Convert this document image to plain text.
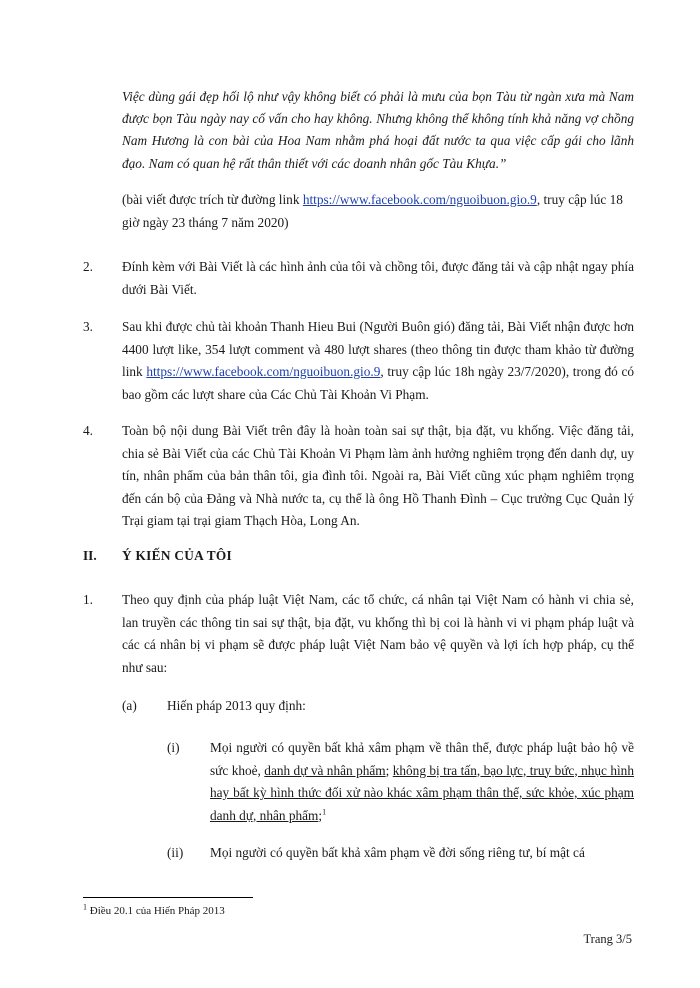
Việc dùng gái đẹp hối lộ như vậy không biết có phải là mưu của bọn Tàu từ ngàn xưa mà Nam được bọn Tàu ngày nay cố vấn cho hay không. Nhưng không thể không tính khả năng vợ chồng Nam Hương là con bài của Hoa Nam nhằm phá hoại đất nước ta qua việc cấp gái cho lãnh đạo. Nam có quan hệ rất thân thiết với các doanh nhân gốc Tàu Khựa.”
(bài viết được trích từ đường link https://www.facebook.com/nguoibuon.gio.9, truy cập lúc 18 giờ ngày 23 tháng 7 năm 2020)
2. Đính kèm với Bài Viết là các hình ảnh của tôi và chồng tôi, được đăng tải và cập nhật ngay phía dưới Bài Viết.
3. Sau khi được chủ tài khoản Thanh Hieu Bui (Người Buôn gió) đăng tải, Bài Viết nhận được hơn 4400 lượt like, 354 lượt comment và 480 lượt shares (theo thông tin được tham khảo từ đường link https://www.facebook.com/nguoibuon.gio.9, truy cập lúc 18h ngày 23/7/2020), trong đó có bao gồm các lượt share của Các Chủ Tài Khoản Vi Phạm.
4. Toàn bộ nội dung Bài Viết trên đây là hoàn toàn sai sự thật, bịa đặt, vu khống. Việc đăng tải, chia sẻ Bài Viết của các Chủ Tài Khoản Vi Phạm làm ảnh hưởng nghiêm trọng đến danh dự, uy tín, nhân phẩm của bản thân tôi, gia đình tôi. Ngoài ra, Bài Viết cũng xúc phạm nghiêm trọng đến cán bộ của Đảng và Nhà nước ta, cụ thể là ông Hồ Thanh Đình – Cục trưởng Cục Quản lý Trại giam tại trại giam Thạch Hòa, Long An.
II. Ý KIẾN CỦA TÔI
1. Theo quy định của pháp luật Việt Nam, các tổ chức, cá nhân tại Việt Nam có hành vi chia sẻ, lan truyền các thông tin sai sự thật, bịa đặt, vu khống thì bị coi là hành vi vi phạm pháp luật và các cá nhân bị vi phạm sẽ được pháp luật Việt Nam bảo vệ quyền và lợi ích hợp pháp, cụ thể như sau:
(a) Hiến pháp 2013 quy định:
(i) Mọi người có quyền bất khả xâm phạm về thân thể, được pháp luật bảo hộ về sức khoẻ, danh dự và nhân phẩm; không bị tra tấn, bạo lực, truy bức, nhục hình hay bất kỳ hình thức đối xử nào khác xâm phạm thân thể, sức khỏe, xúc phạm danh dự, nhân phẩm;$^1$
(ii) Mọi người có quyền bất khả xâm phạm về đời sống riêng tư, bí mật cá
$^1$ Điều 20.1 của Hiến Pháp 2013
Trang 3/5
